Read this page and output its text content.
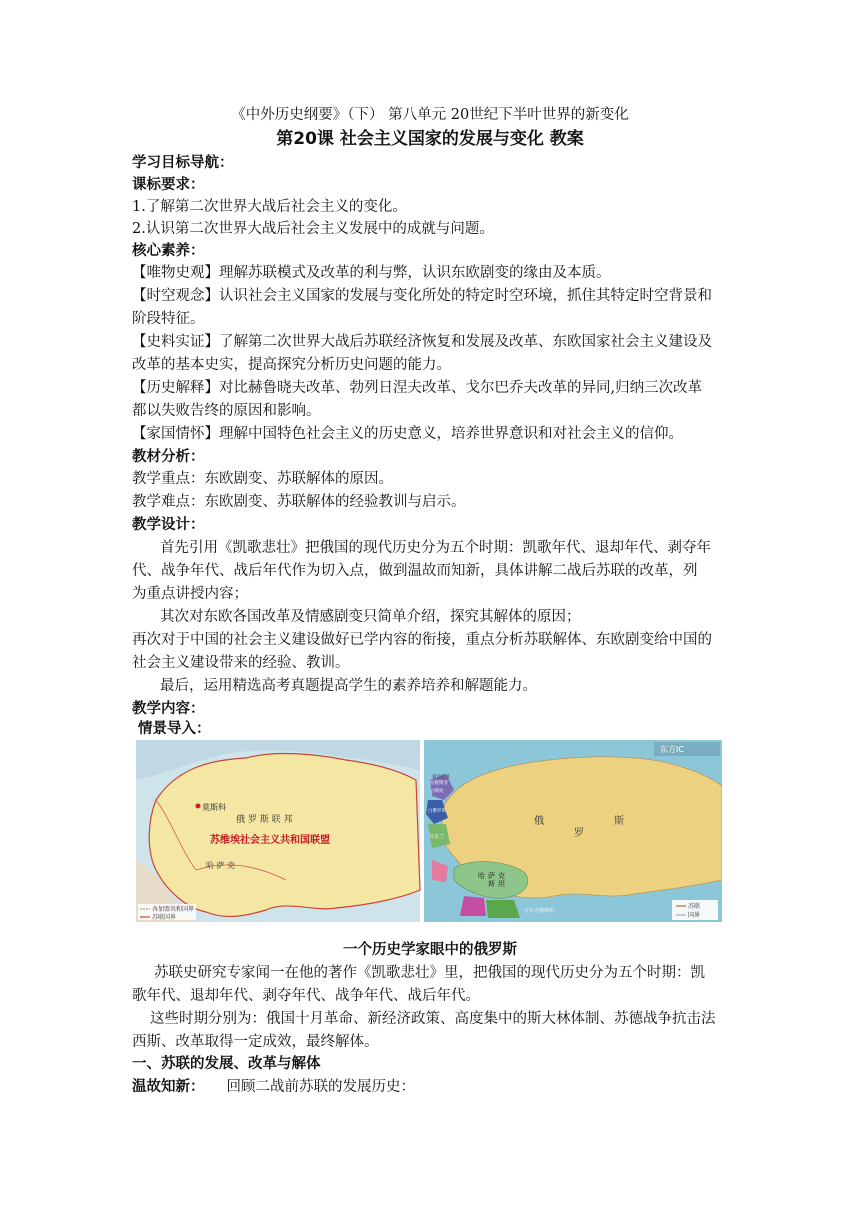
《中外历史纲要》（下） 第八单元 20世纪下半叶世界的新变化
第20课 社会主义国家的发展与变化 教案
学习目标导航：
课标要求：
1.了解第二次世界大战后社会主义的变化。
2.认识第二次世界大战后社会主义发展中的成就与问题。
核心素养：
【唯物史观】理解苏联模式及改革的利与弊，认识东欧剧变的缘由及本质。
【时空观念】认识社会主义国家的发展与变化所处的特定时空环境，抓住其特定时空背景和
阶段特征。
【史料实证】了解第二次世界大战后苏联经济恢复和发展及改革、东欧国家社会主义建设及
改革的基本史实，提高探究分析历史问题的能力。
【历史解释】对比赫鲁晓夫改革、勃列日涅夫改革、戈尔巴乔夫改革的异同,归纳三次改革
都以失败告终的原因和影响。
【家国情怀】理解中国特色社会主义的历史意义，培养世界意识和对社会主义的信仰。
教材分析：
教学重点：东欧剧变、苏联解体的原因。
教学难点：东欧剧变、苏联解体的经验教训与启示。
教学设计：
首先引用《凯歌悲壮》把俄国的现代历史分为五个时期：凯歌年代、退却年代、剥夺年
代、战争年代、战后年代作为切入点，做到温故而知新，具体讲解二战后苏联的改革，列
为重点讲授内容；
其次对东欧各国改革及情感剧变只简单介绍，探究其解体的原因；
再次对于中国的社会主义建设做好已学内容的衔接，重点分析苏联解体、东欧剧变给中国的
社会主义建设带来的经验、教训。
最后，运用精选高考真题提高学生的素养培养和解题能力。
教学内容：
情景导入：
莫斯科
俄 罗 斯 联 邦
苏维埃社会主义共和国联盟
哈 萨 克
各加盟共和国界
苏联国界
东方IC
俄
罗
斯
哈 萨 克
斯 坦
乌克兰
立陶宛
白俄罗斯
拉脱维亚
爱沙尼亚
吉尔吉斯斯坦
苏联
国界
一个历史学家眼中的俄罗斯
苏联史研究专家闻一在他的著作《凯歌悲壮》里，把俄国的现代历史分为五个时期：凯
歌年代、退却年代、剥夺年代、战争年代、战后年代。
这些时期分别为：俄国十月革命、新经济政策、高度集中的斯大林体制、苏德战争抗击法
西斯、改革取得一定成效，最终解体。
一、苏联的发展、改革与解体
温故知新： 回顾二战前苏联的发展历史：
